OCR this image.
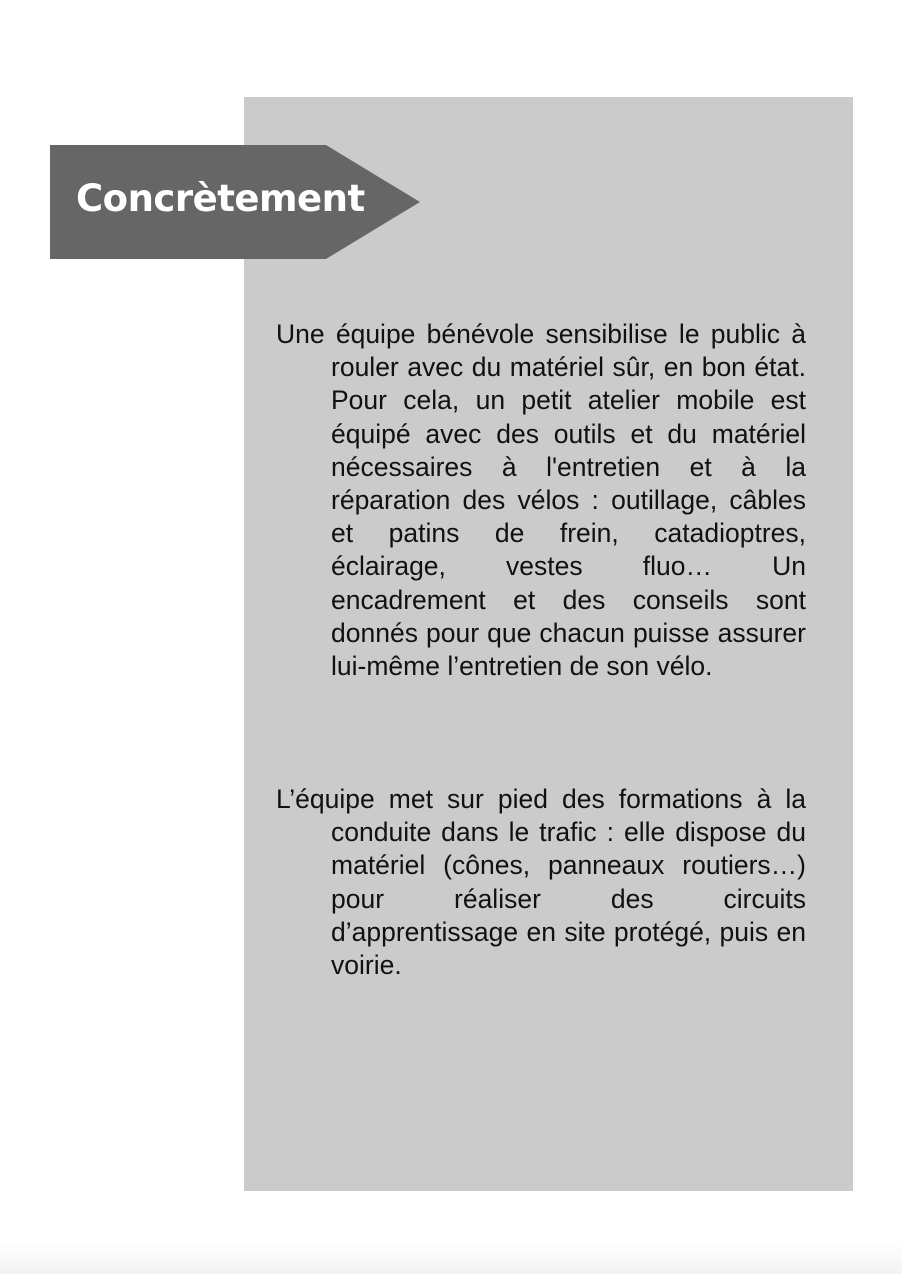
Concrètement

Une équipe bénévole sensibilise le public à rouler avec du matériel sûr, en bon état. Pour cela, un petit atelier mobile est équipé avec des outils et du matériel nécessaires à l'entretien et à la réparation des vélos : outillage, câbles et patins de frein, catadioptres, éclairage, vestes fluo… Un encadrement et des conseils sont donnés pour que chacun puisse assurer lui-même l’entretien de son vélo.

L’équipe met sur pied des formations à la conduite dans le trafic : elle dispose du matériel (cônes, panneaux routiers…) pour réaliser des circuits d’apprentissage en site protégé, puis en voirie.
